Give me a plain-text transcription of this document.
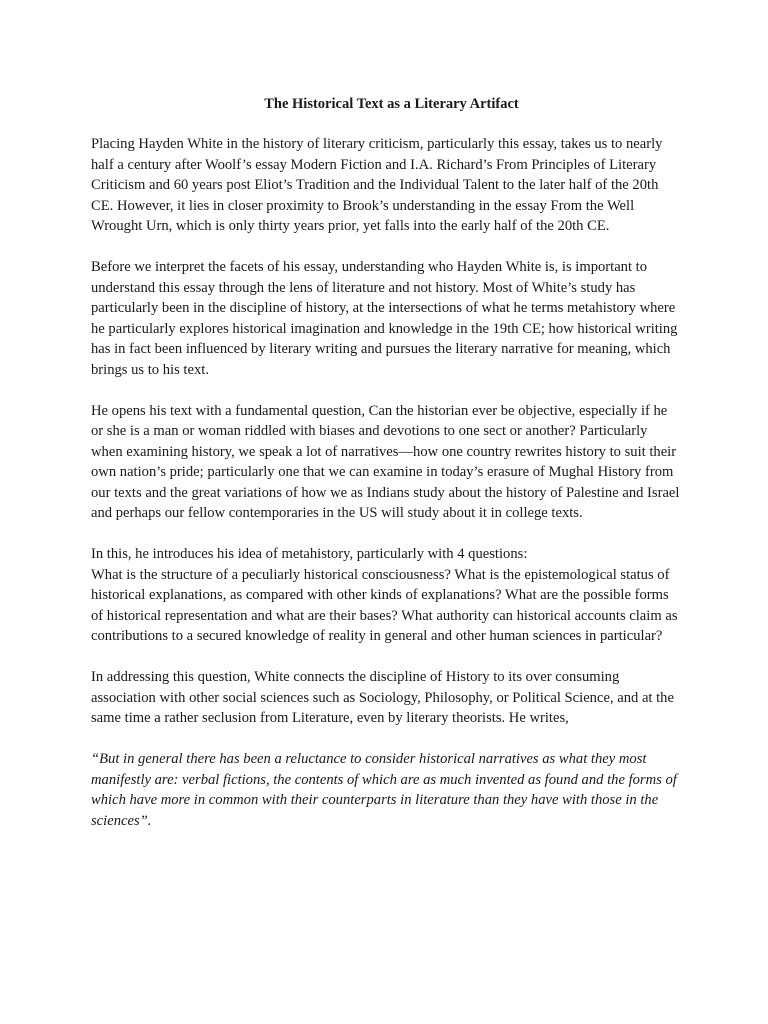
The Historical Text as a Literary Artifact

Placing Hayden White in the history of literary criticism, particularly this essay, takes us to nearly half a century after Woolf’s essay Modern Fiction and I.A. Richard’s From Principles of Literary Criticism and 60 years post Eliot’s Tradition and the Individual Talent to the later half of the 20th CE. However, it lies in closer proximity to Brook’s understanding in the essay From the Well Wrought Urn, which is only thirty years prior, yet falls into the early half of the 20th CE.

Before we interpret the facets of his essay, understanding who Hayden White is, is important to understand this essay through the lens of literature and not history. Most of White’s study has particularly been in the discipline of history, at the intersections of what he terms metahistory where he particularly explores historical imagination and knowledge in the 19th CE; how historical writing has in fact been influenced by literary writing and pursues the literary narrative for meaning, which brings us to his text.

He opens his text with a fundamental question, Can the historian ever be objective, especially if he or she is a man or woman riddled with biases and devotions to one sect or another? Particularly when examining history, we speak a lot of narratives—how one country rewrites history to suit their own nation’s pride; particularly one that we can examine in today’s erasure of Mughal History from our texts and the great variations of how we as Indians study about the history of Palestine and Israel and perhaps our fellow contemporaries in the US will study about it in college texts.

In this, he introduces his idea of metahistory, particularly with 4 questions:
What is the structure of a peculiarly historical consciousness? What is the epistemological status of historical explanations, as compared with other kinds of explanations? What are the possible forms of historical representation and what are their bases? What authority can historical accounts claim as contributions to a secured knowledge of reality in general and other human sciences in particular?

In addressing this question, White connects the discipline of History to its over consuming association with other social sciences such as Sociology, Philosophy, or Political Science, and at the same time a rather seclusion from Literature, even by literary theorists. He writes,

“But in general there has been a reluctance to consider historical narratives as what they most manifestly are: verbal fictions, the contents of which are as much invented as found and the forms of which have more in common with their counterparts in literature than they have with those in the sciences”.
